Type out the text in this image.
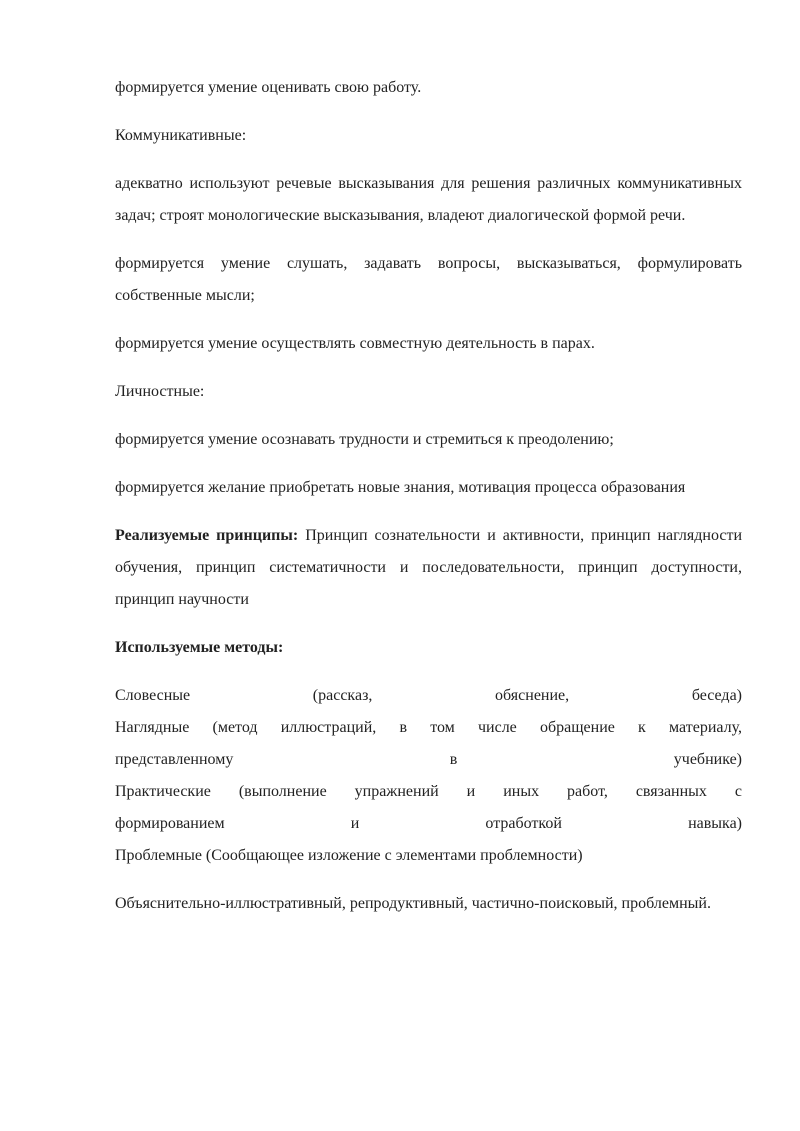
формируется умение оценивать свою работу.

Коммуникативные:

адекватно используют речевые высказывания для решения различных коммуникативных задач; строят монологические высказывания, владеют диалогической формой речи.

формируется умение слушать, задавать вопросы, высказываться, формулировать собственные мысли;

формируется умение осуществлять совместную деятельность в парах.

Личностные:

формируется умение осознавать трудности и стремиться к преодолению;

формируется желание приобретать новые знания, мотивация процесса образования

Реализуемые принципы: Принцип сознательности и активности, принцип наглядности обучения, принцип систематичности и последовательности, принцип доступности, принцип научности

Используемые методы:

Словесные (рассказ, обяснение, беседа)
Наглядные (метод иллюстраций, в том числе обращение к материалу,
представленному в учебнике)
Практические (выполнение упражнений и иных работ, связанных с
формированием и отработкой навыка)
Проблемные (Сообщающее изложение с элементами проблемности)

Объяснительно-иллюстративный, репродуктивный, частично-поисковый, проблемный.
